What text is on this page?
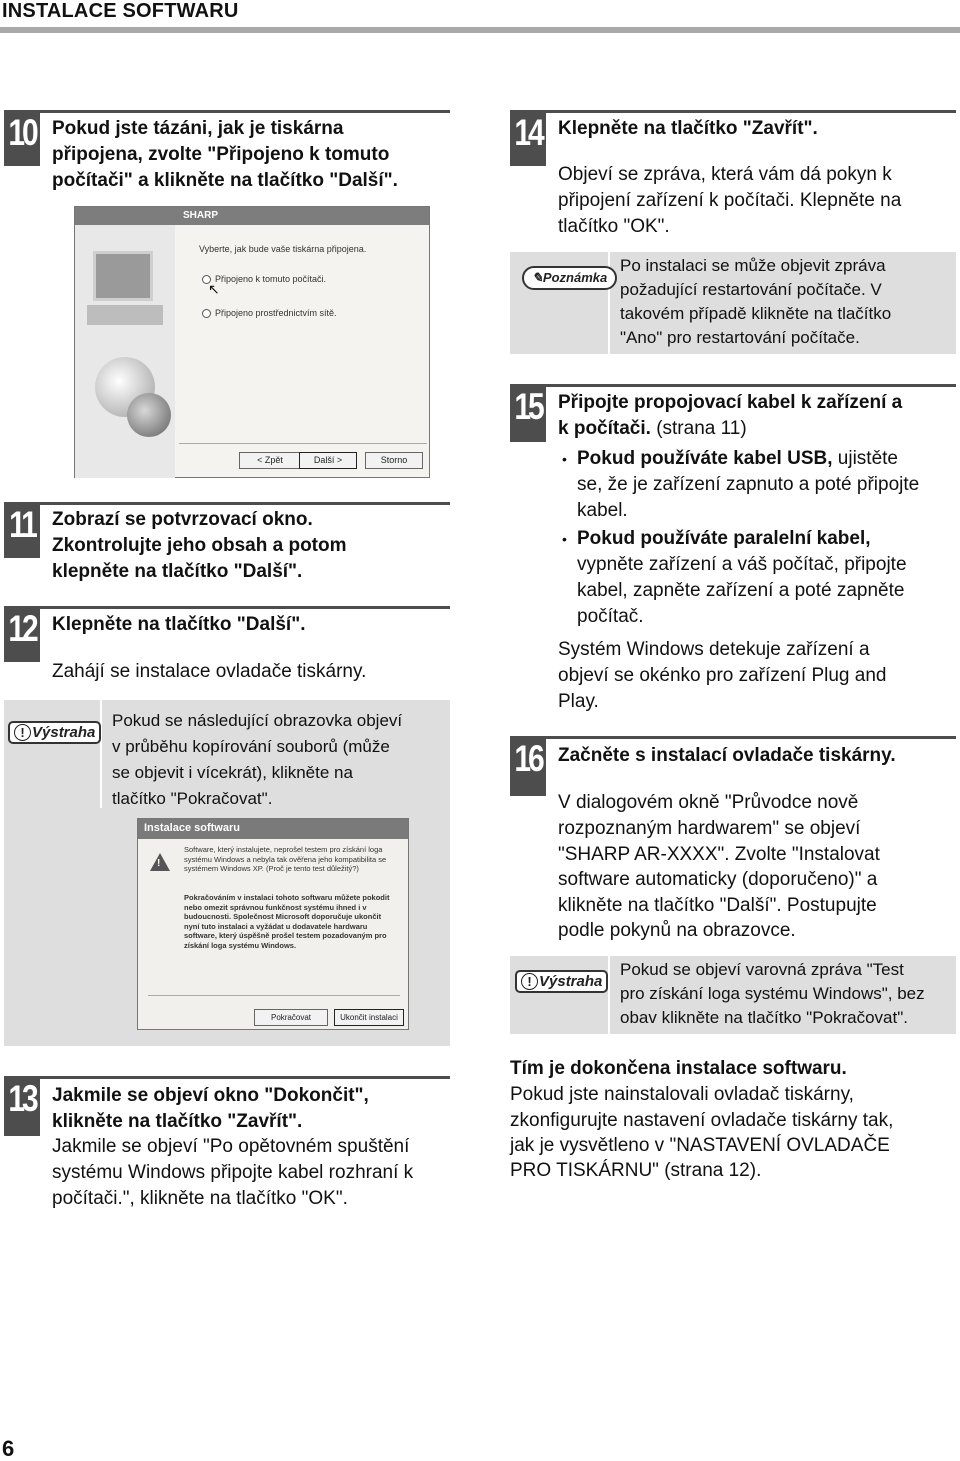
INSTALACE SOFTWARU
10 Pokud jste tázáni, jak je tiskárna
připojena, zvolte "Připojeno k tomuto
počítači" a klikněte na tlačítko "Další".
SHARP
Vyberte, jak bude vaše tiskárna připojena.
Připojeno k tomuto počítači.
↖
Připojeno prostřednictvím sítě.
< Zpět	Další >	Storno
11 Zobrazí se potvrzovací okno.
Zkontrolujte jeho obsah a potom
klepněte na tlačítko "Další".
12 Klepněte na tlačítko "Další".
Zahájí se instalace ovladače tiskárny.
! Výstraha
Pokud se následující obrazovka objeví
v průběhu kopírování souborů (může
se objevit i vícekrát), klikněte na
tlačítko "Pokračovat".
Instalace softwaru
!
Software, který instalujete, neprošel testem pro získání loga systému Windows a nebyla tak ověřena jeho kompatibilita se systémem Windows XP. (Proč je tento test důležitý?)
Pokračováním v instalaci tohoto softwaru můžete pokodit nebo omezit správnou funkčnost systému ihned i v budoucnosti. Společnost Microsoft doporučuje ukončit nyní tuto instalaci a vyžádat u dodavatele hardwaru software, který úspěšně prošel testem pozadovaným pro získání loga systému Windows.
Pokračovat	Ukončit instalaci
13 Jakmile se objeví okno "Dokončit",
klikněte na tlačítko "Zavřít".
Jakmile se objeví "Po opětovném spuštění
systému Windows připojte kabel rozhraní k
počítači.", klikněte na tlačítko "OK".
14 Klepněte na tlačítko "Zavřít".
Objeví se zpráva, která vám dá pokyn k
připojení zařízení k počítači. Klepněte na
tlačítko "OK".
✎Poznámka
Po instalaci se může objevit zpráva
požadující restartování počítače. V
takovém případě klikněte na tlačítko
"Ano" pro restartování počítače.
15 Připojte propojovací kabel k zařízení a
k počítači. (strana 11)
• Pokud používáte kabel USB, ujistěte
se, že je zařízení zapnuto a poté připojte
kabel.
• Pokud používáte paralelní kabel,
vypněte zařízení a váš počítač, připojte
kabel, zapněte zařízení a poté zapněte
počítač.
Systém Windows detekuje zařízení a
objeví se okénko pro zařízení Plug and
Play.
16 Začněte s instalací ovladače tiskárny.
V dialogovém okně "Průvodce nově
rozpoznaným hardwarem" se objeví
"SHARP AR-XXXX". Zvolte "Instalovat
software automaticky (doporučeno)" a
klikněte na tlačítko "Další". Postupujte
podle pokynů na obrazovce.
! Výstraha
Pokud se objeví varovná zpráva "Test
pro získání loga systému Windows", bez
obav klikněte na tlačítko "Pokračovat".
Tím je dokončena instalace softwaru.
Pokud jste nainstalovali ovladač tiskárny,
zkonfigurujte nastavení ovladače tiskárny tak,
jak je vysvětleno v "NASTAVENÍ OVLADAČE
PRO TISKÁRNU" (strana 12).
6
